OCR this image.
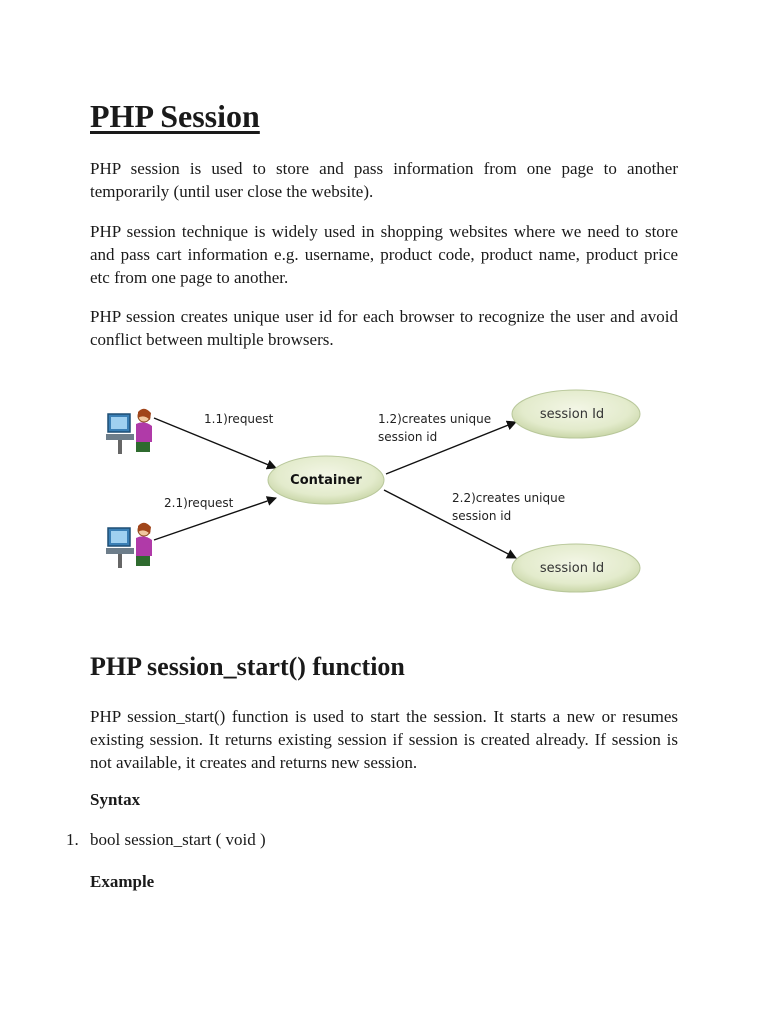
PHP Session

PHP session is used to store and pass information from one page to another temporarily (until user close the website).

PHP session technique is widely used in shopping websites where we need to store and pass cart information e.g. username, product code, product name, product price etc from one page to another.

PHP session creates unique user id for each browser to recognize the user and avoid conflict between multiple browsers.

Container
session Id
session Id
1.1)request
2.1)request
1.2)creates unique
session id
2.2)creates unique
session id
PHP session_start() function

PHP session_start() function is used to start the session. It starts a new or resumes existing session. It returns existing session if session is created already. If session is not available, it creates and returns new session.

Syntax

1. bool session_start ( void )

Example
